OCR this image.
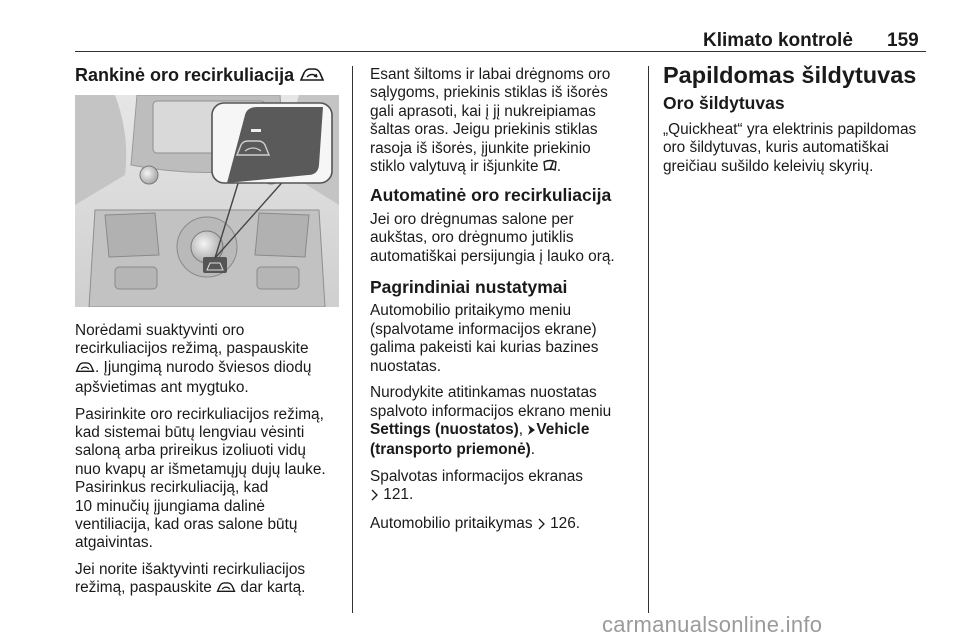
Klimato kontrolė 159
Rankinė oro recirkuliacija

Norėdami suaktyvinti oro
recirkuliacijos režimą, paspauskite
. Įjungimą nurodo šviesos diodų
apšvietimas ant mygtuko.

Pasirinkite oro recirkuliacijos režimą,
kad sistemai būtų lengviau vėsinti
saloną arba prireikus izoliuoti vidų
nuo kvapų ar išmetamųjų dujų lauke.
Pasirinkus recirkuliaciją, kad
10 minučių įjungiama dalinė
ventiliacija, kad oras salone būtų
atgaivintas.

Jei norite išaktyvinti recirkuliacijos
režimą, paspauskite  dar kartą.

Esant šiltoms ir labai drėgnoms oro
sąlygoms, priekinis stiklas iš išorės
gali aprasoti, kai į jį nukreipiamas
šaltas oras. Jeigu priekinis stiklas
rasoja iš išorės, įjunkite priekinio
stiklo valytuvą ir išjunkite .

Automatinė oro recirkuliacija

Jei oro drėgnumas salone per
aukštas, oro drėgnumo jutiklis
automatiškai persijungia į lauko orą.

Pagrindiniai nustatymai

Automobilio pritaikymo meniu
(spalvotame informacijos ekrane)
galima pakeisti kai kurias bazines
nuostatas.

Nurodykite atitinkamas nuostatas
spalvoto informacijos ekrano meniu
Settings (nuostatos), Vehicle
(transporto priemonė).

Spalvotas informacijos ekranas
121.

Automobilio pritaikymas 126.

Papildomas šildytuvas
Oro šildytuvas

„Quickheat“ yra elektrinis papildomas
oro šildytuvas, kuris automatiškai
greičiau sušildo keleivių skyrių.

carmanualsonline.info
